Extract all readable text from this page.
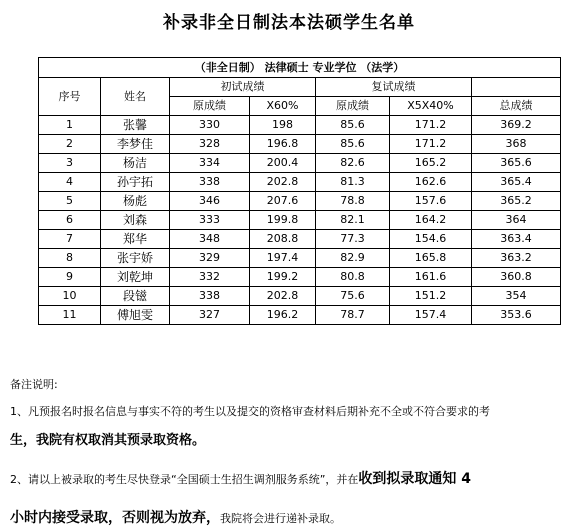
补录非全日制法本法硕学生名单
（非全日制） 法律硕士 专业学位 （法学）						
序号	姓名	初试成绩		复试成绩		
		原成绩	X60%	原成绩	X5X40%	总成绩
1	张馨	330	198	85.6	171.2	369.2
2	李梦佳	328	196.8	85.6	171.2	368
3	杨洁	334	200.4	82.6	165.2	365.6
4	孙宇拓	338	202.8	81.3	162.6	365.4
5	杨彪	346	207.6	78.8	157.6	365.2
6	刘森	333	199.8	82.1	164.2	364
7	郑华	348	208.8	77.3	154.6	363.4
8	张宇娇	329	197.4	82.9	165.8	363.2
9	刘乾坤	332	199.2	80.8	161.6	360.8
10	段镃	338	202.8	75.6	151.2	354
11	傅旭雯	327	196.2	78.7	157.4	353.6
备注说明:
1、凡预报名时报名信息与事实不符的考生以及提交的资格审查材料后期补充不全或不符合要求的考
生，我院有权取消其预录取资格。
2、请以上被录取的考生尽快登录“全国硕士生招生调剂服务系统”，并在收到拟录取通知 4
小时内接受录取，否则视为放弃，我院将会进行递补录取。
